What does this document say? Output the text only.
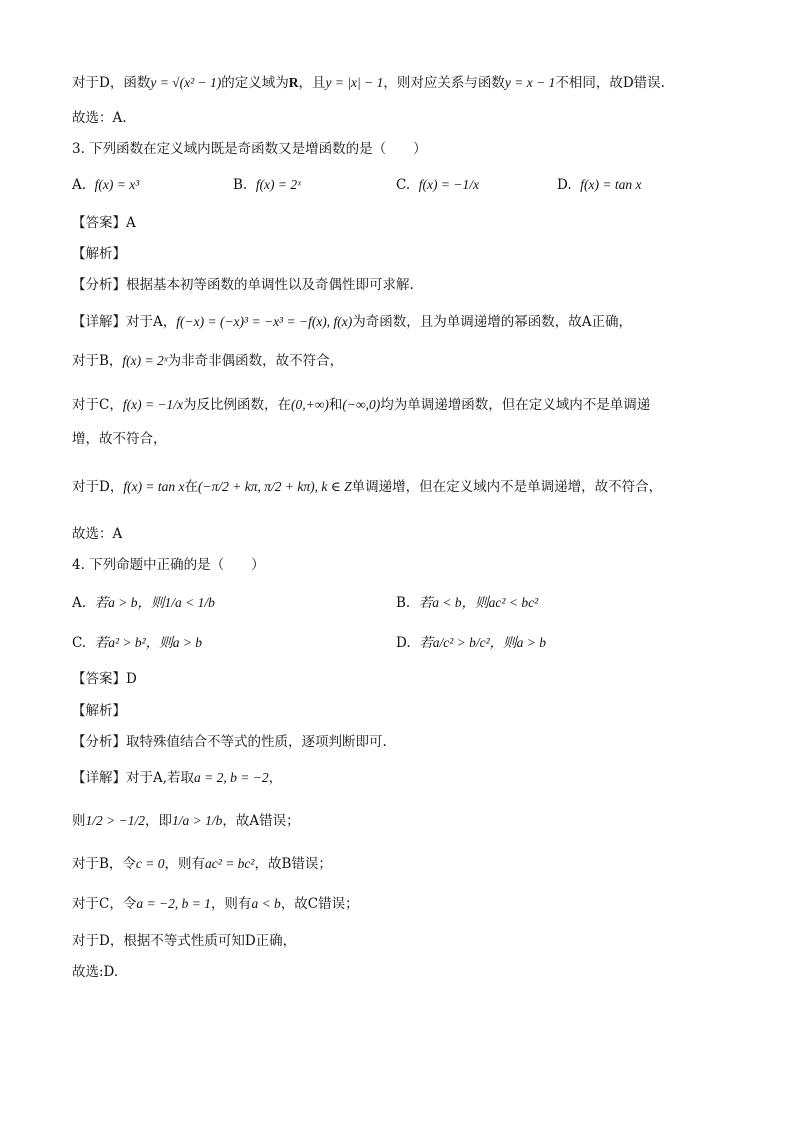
对于D，函数y = √(x² − 1)的定义域为R，且y = |x| − 1，则对应关系与函数y = x − 1不相同，故D错误.
故选：A.
3. 下列函数在定义域内既是奇函数又是增函数的是（　　）
A. f(x) = x³	B. f(x) = 2ˣ	C. f(x) = −1/x	D. f(x) = tan x
【答案】A
【解析】
【分析】根据基本初等函数的单调性以及奇偶性即可求解.
【详解】对于A，f(−x) = (−x)³ = −x³ = −f(x), f(x)为奇函数，且为单调递增的幂函数，故A正确，
对于B，f(x) = 2ˣ为非奇非偶函数，故不符合，
对于C，f(x) = −1/x为反比例函数，在(0,+∞)和(−∞,0)均为单调递增函数，但在定义域内不是单调递
增，故不符合，
对于D，f(x) = tan x在(−π/2 + kπ, π/2 + kπ), k ∈ Z单调递增，但在定义域内不是单调递增，故不符合，
故选：A
4. 下列命题中正确的是（　　）
A. 若a > b，则1/a < 1/b	B. 若a < b，则ac² < bc²
C. 若a² > b²，则a > b	D. 若a/c² > b/c²，则a > b
【答案】D
【解析】
【分析】取特殊值结合不等式的性质，逐项判断即可.
【详解】对于A,若取a = 2, b = −2，
则1/2 > −1/2，即1/a > 1/b，故A错误；
对于B，令c = 0，则有ac² = bc²，故B错误；
对于C，令a = −2, b = 1，则有a < b，故C错误；
对于D，根据不等式性质可知D正确，
故选:D.
